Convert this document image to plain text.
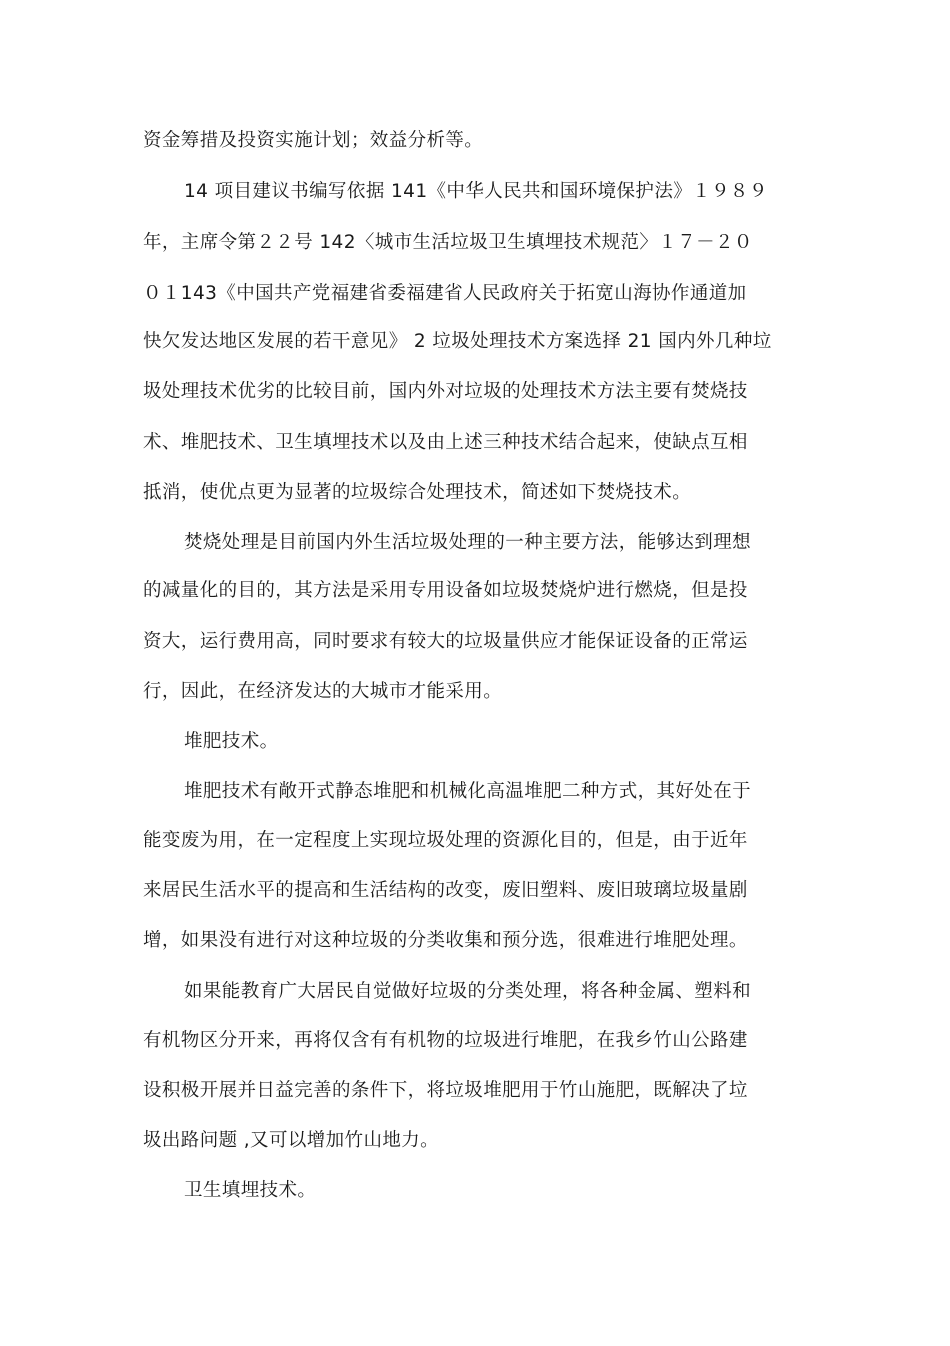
资金筹措及投资实施计划；效益分析等。
14 项目建议书编写依据 141《中华人民共和国环境保护法》１９８９
年，主席令第２２号 142〈城市生活垃圾卫生填埋技术规范〉１７－２０
０１143《中国共产党福建省委福建省人民政府关于拓宽山海协作通道加
快欠发达地区发展的若干意见》 2 垃圾处理技术方案选择 21 国内外几种垃
圾处理技术优劣的比较目前，国内外对垃圾的处理技术方法主要有焚烧技
术、堆肥技术、卫生填埋技术以及由上述三种技术结合起来，使缺点互相
抵消，使优点更为显著的垃圾综合处理技术，简述如下焚烧技术。
焚烧处理是目前国内外生活垃圾处理的一种主要方法，能够达到理想
的减量化的目的，其方法是采用专用设备如垃圾焚烧炉进行燃烧，但是投
资大，运行费用高，同时要求有较大的垃圾量供应才能保证设备的正常运
行，因此，在经济发达的大城市才能采用。
堆肥技术。
堆肥技术有敞开式静态堆肥和机械化高温堆肥二种方式，其好处在于
能变废为用，在一定程度上实现垃圾处理的资源化目的，但是，由于近年
来居民生活水平的提高和生活结构的改变，废旧塑料、废旧玻璃垃圾量剧
增，如果没有进行对这种垃圾的分类收集和预分选，很难进行堆肥处理。
如果能教育广大居民自觉做好垃圾的分类处理，将各种金属、塑料和
有机物区分开来，再将仅含有有机物的垃圾进行堆肥，在我乡竹山公路建
设积极开展并日益完善的条件下，将垃圾堆肥用于竹山施肥，既解决了垃
圾出路问题 ,又可以增加竹山地力。
卫生填埋技术。
